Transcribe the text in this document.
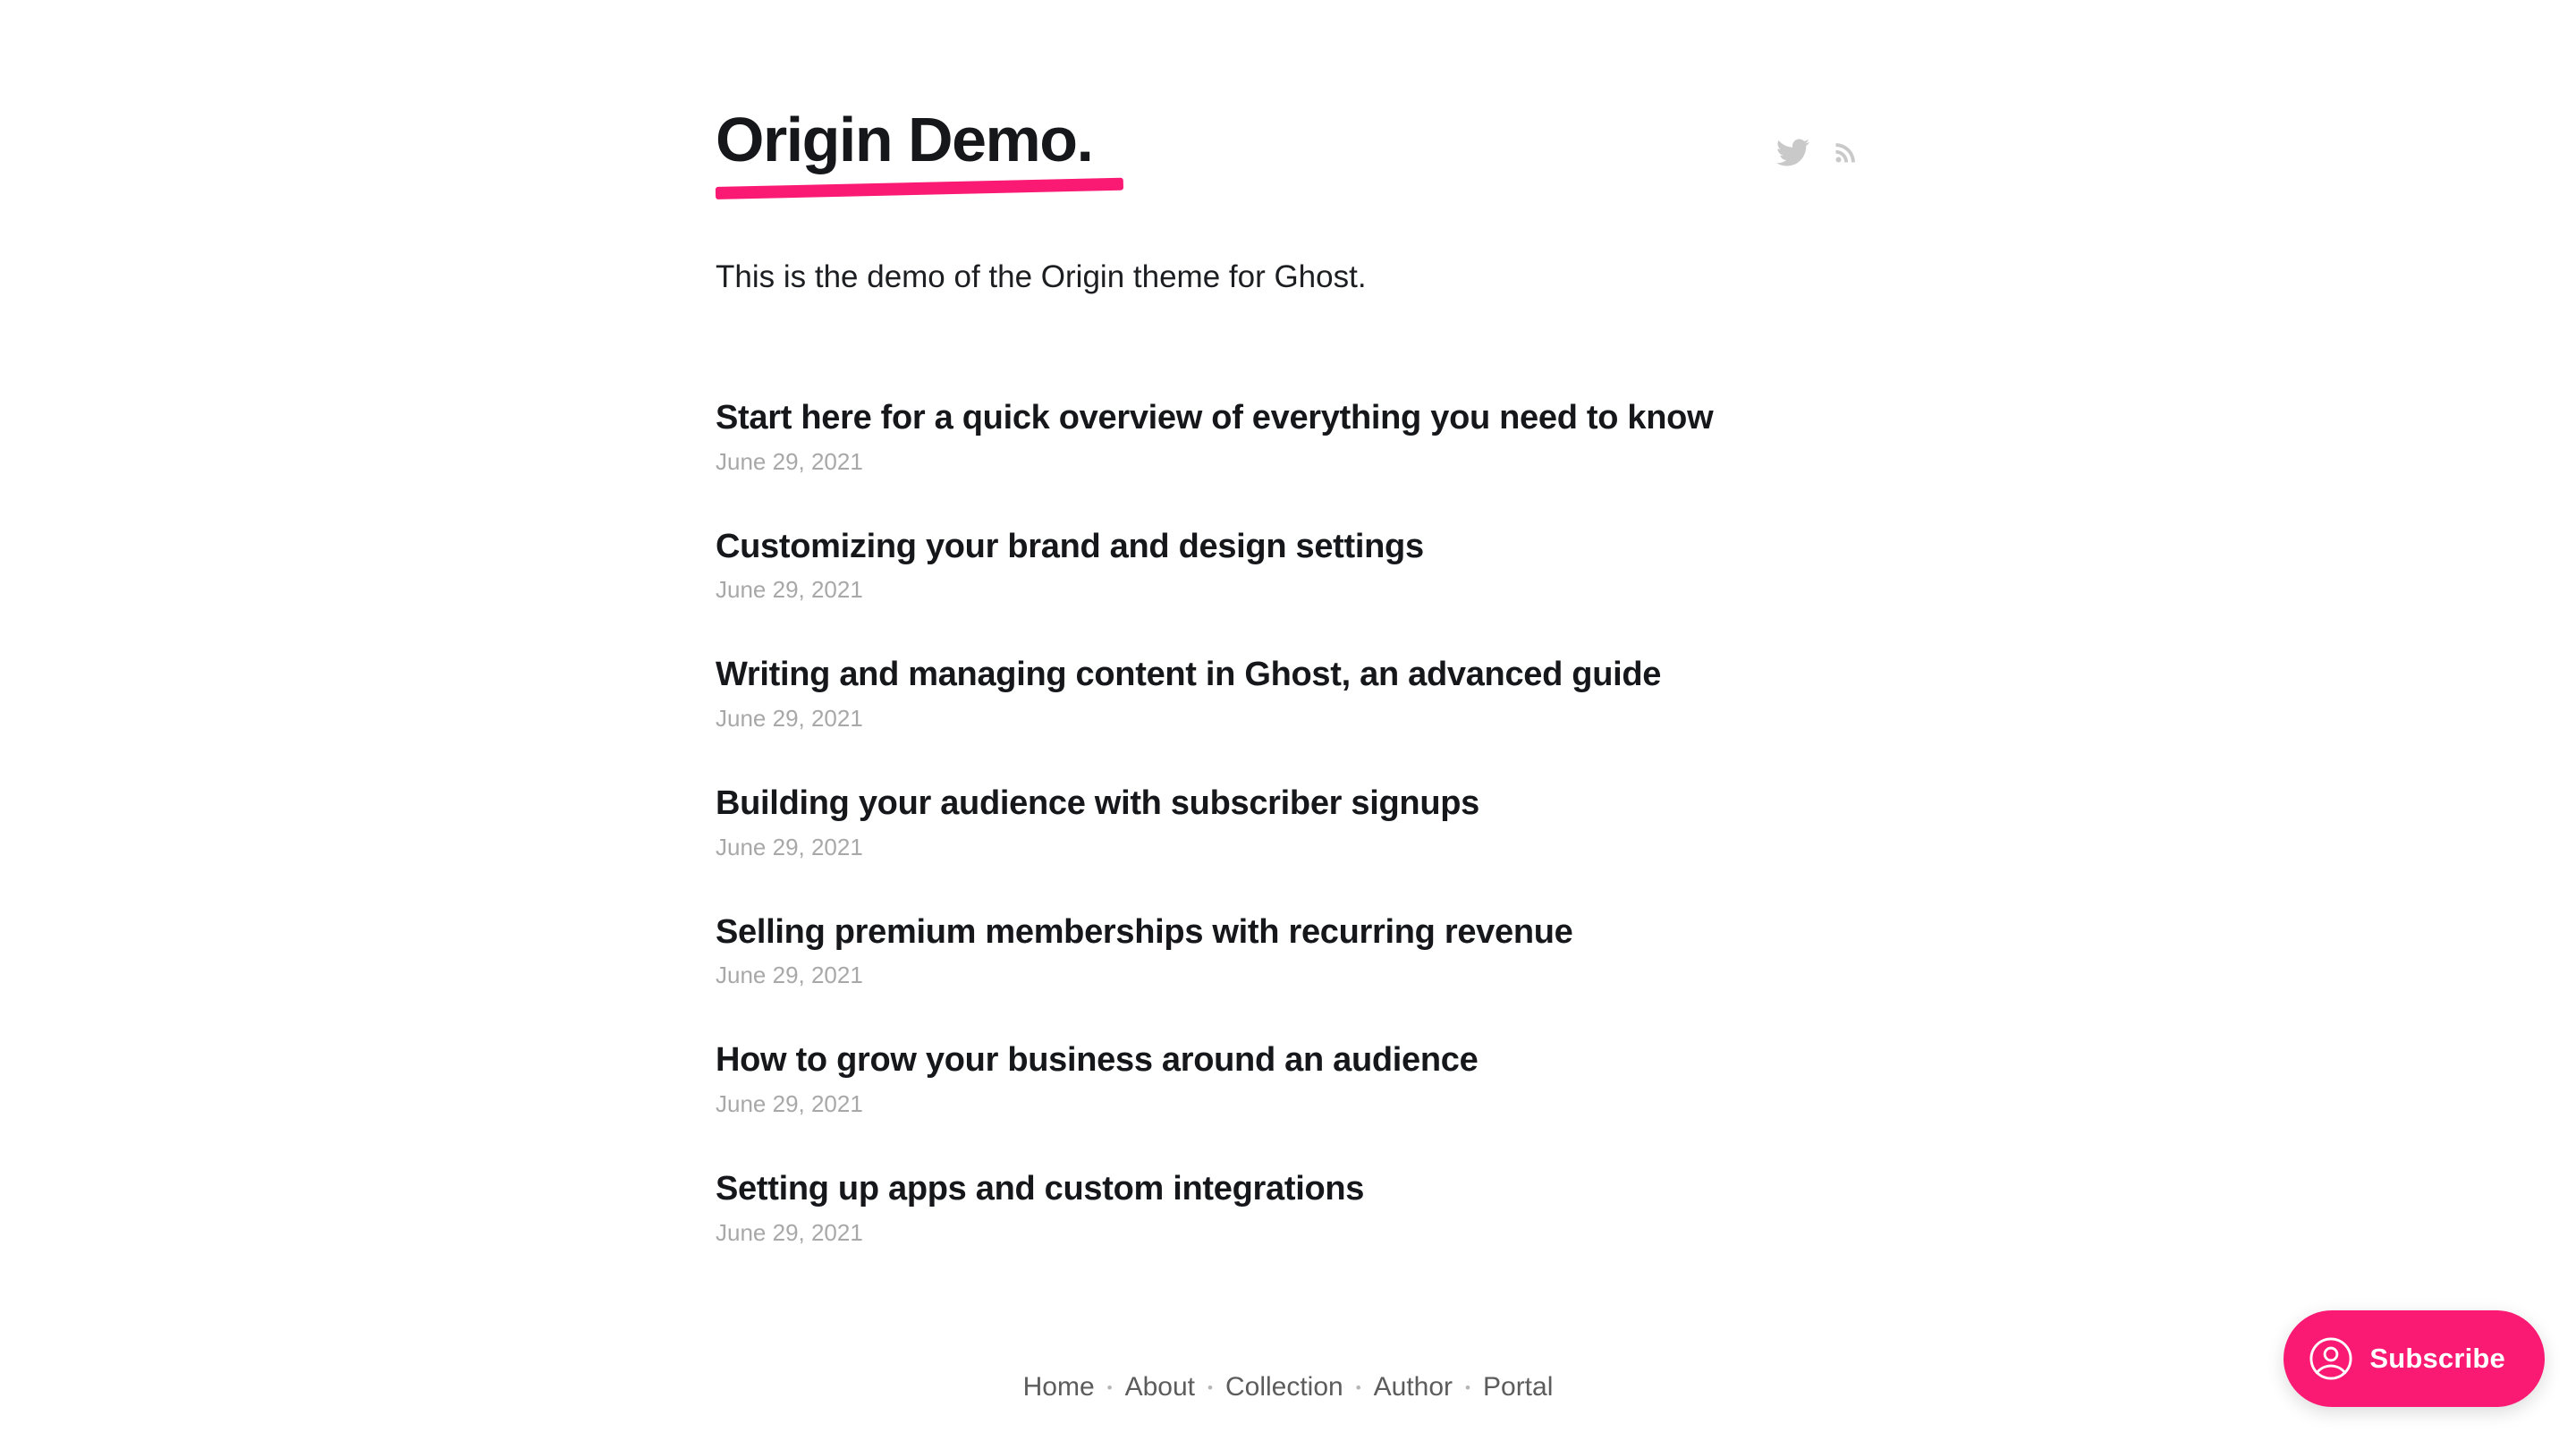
Origin Demo.

This is the demo of the Origin theme for Ghost.

Start here for a quick overview of everything you need to know
June 29, 2021
Customizing your brand and design settings
June 29, 2021
Writing and managing content in Ghost, an advanced guide
June 29, 2021
Building your audience with subscriber signups
June 29, 2021
Selling premium memberships with recurring revenue
June 29, 2021
How to grow your business around an audience
June 29, 2021
Setting up apps and custom integrations
June 29, 2021
Home • About • Collection • Author • Portal
Subscribe
